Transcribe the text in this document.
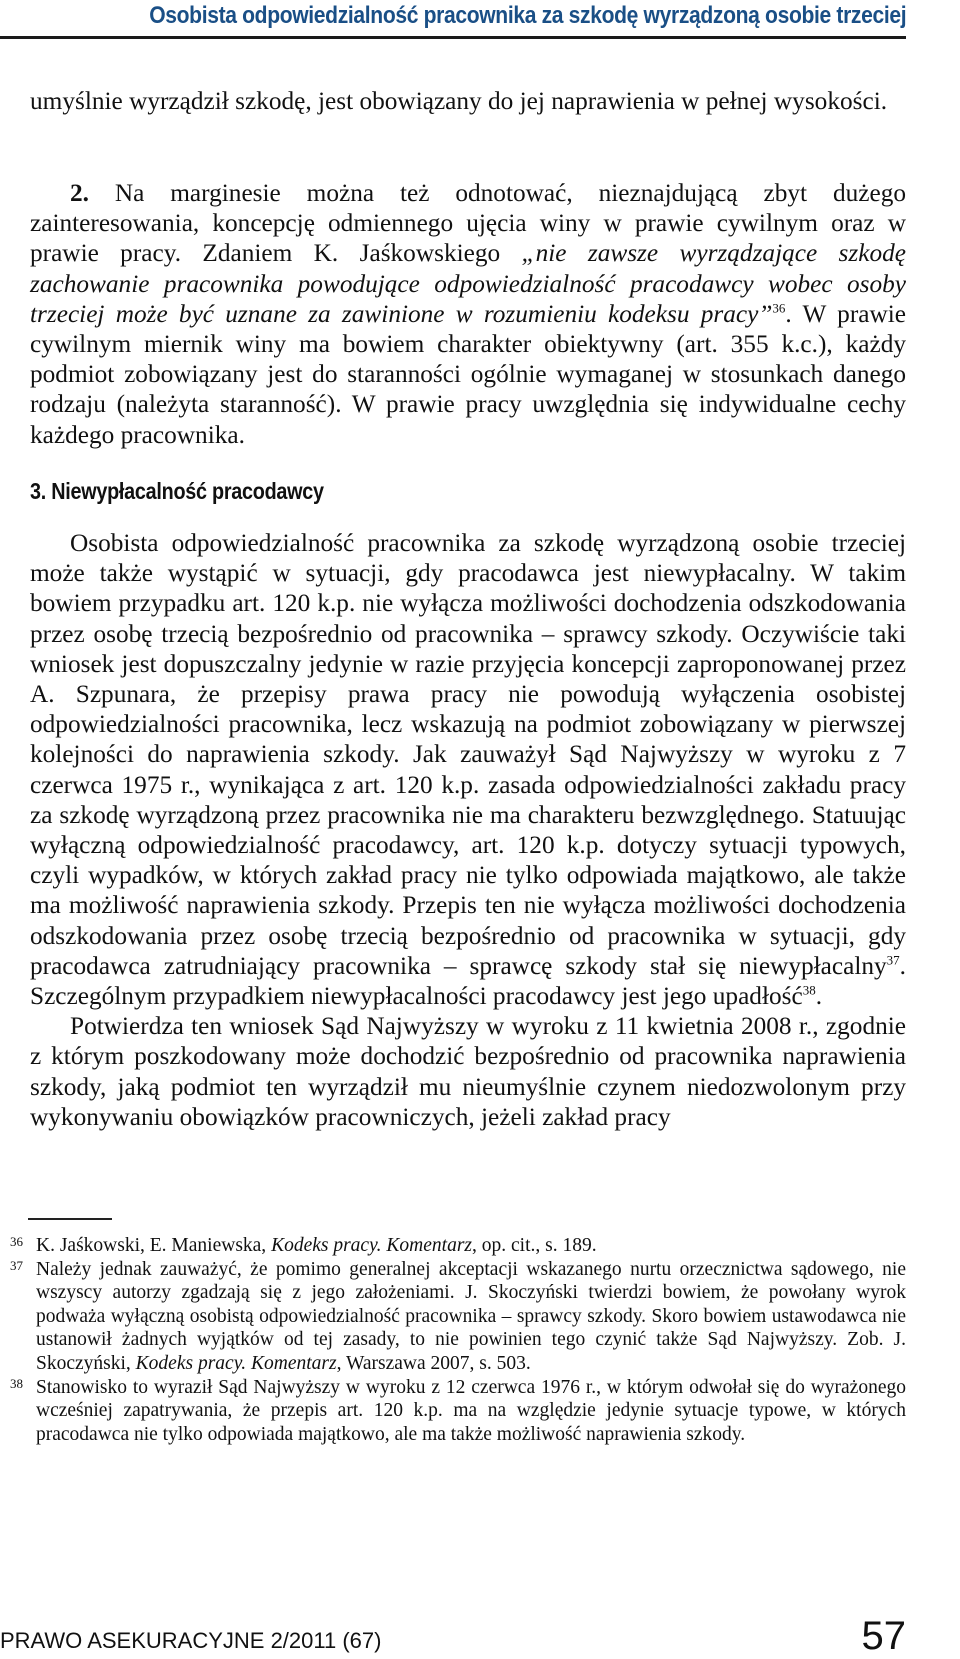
Osobista odpowiedzialność pracownika za szkodę wyrządzoną osobie trzeciej

umyślnie wyrządził szkodę, jest obowiązany do jej naprawienia w pełnej wysokości.

2. Na marginesie można też odnotować, nieznajdującą zbyt dużego zainteresowania, koncepcję odmiennego ujęcia winy w prawie cywilnym oraz w prawie pracy. Zdaniem K. Jaśkowskiego „nie zawsze wyrządzające szkodę zachowanie pracownika powodujące odpowiedzialność pracodawcy wobec osoby trzeciej może być uznane za zawinione w rozumieniu kodeksu pracy”$^{36}$. W prawie cywilnym miernik winy ma bowiem charakter obiektywny (art. 355 k.c.), każdy podmiot zobowiązany jest do staranności ogólnie wymaganej w stosunkach danego rodzaju (należyta staranność). W prawie pracy uwzględnia się indywidualne cechy każdego pracownika.

3. Niewypłacalność pracodawcy

Osobista odpowiedzialność pracownika za szkodę wyrządzoną osobie trzeciej może także wystąpić w sytuacji, gdy pracodawca jest niewypłacalny. W takim bowiem przypadku art. 120 k.p. nie wyłącza możliwości dochodzenia odszkodowania przez osobę trzecią bezpośrednio od pracownika – sprawcy szkody. Oczywiście taki wniosek jest dopuszczalny jedynie w razie przyjęcia koncepcji zaproponowanej przez A. Szpunara, że przepisy prawa pracy nie powodują wyłączenia osobistej odpowiedzialności pracownika, lecz wskazują na podmiot zobowiązany w pierwszej kolejności do naprawienia szkody. Jak zauważył Sąd Najwyższy w wyroku z 7 czerwca 1975 r., wynikająca z art. 120 k.p. zasada odpowiedzialności zakładu pracy za szkodę wyrządzoną przez pracownika nie ma charakteru bezwzględnego. Statuując wyłączną odpowiedzialność pracodawcy, art. 120 k.p. dotyczy sytuacji typowych, czyli wypadków, w których zakład pracy nie tylko odpowiada majątkowo, ale także ma możliwość naprawienia szkody. Przepis ten nie wyłącza możliwości dochodzenia odszkodowania przez osobę trzecią bezpośrednio od pracownika w sytuacji, gdy pracodawca zatrudniający pracownika – sprawcę szkody stał się niewypłacalny$^{37}$. Szczególnym przypadkiem niewypłacalności pracodawcy jest jego upadłość$^{38}$.

Potwierdza ten wniosek Sąd Najwyższy w wyroku z 11 kwietnia 2008 r., zgodnie z którym poszkodowany może dochodzić bezpośrednio od pracownika naprawienia szkody, jaką podmiot ten wyrządził mu nieumyślnie czynem niedozwolonym przy wykonywaniu obowiązków pracowniczych, jeżeli zakład pracy

36 K. Jaśkowski, E. Maniewska, Kodeks pracy. Komentarz, op. cit., s. 189.

37 Należy jednak zauważyć, że pomimo generalnej akceptacji wskazanego nurtu orzecznictwa sądowego, nie wszyscy autorzy zgadzają się z jego założeniami. J. Skoczyński twierdzi bowiem, że powołany wyrok podważa wyłączną osobistą odpowiedzialność pracownika – sprawcy szkody. Skoro bowiem ustawodawca nie ustanowił żadnych wyjątków od tej zasady, to nie powinien tego czynić także Sąd Najwyższy. Zob. J. Skoczyński, Kodeks pracy. Komentarz, Warszawa 2007, s. 503.

38 Stanowisko to wyraził Sąd Najwyższy w wyroku z 12 czerwca 1976 r., w którym odwołał się do wyrażonego wcześniej zapatrywania, że przepis art. 120 k.p. ma na względzie jedynie sytuacje typowe, w których pracodawca nie tylko odpowiada majątkowo, ale ma także możliwość naprawienia szkody.

PRAWO ASEKURACYJNE 2/2011 (67)	57
